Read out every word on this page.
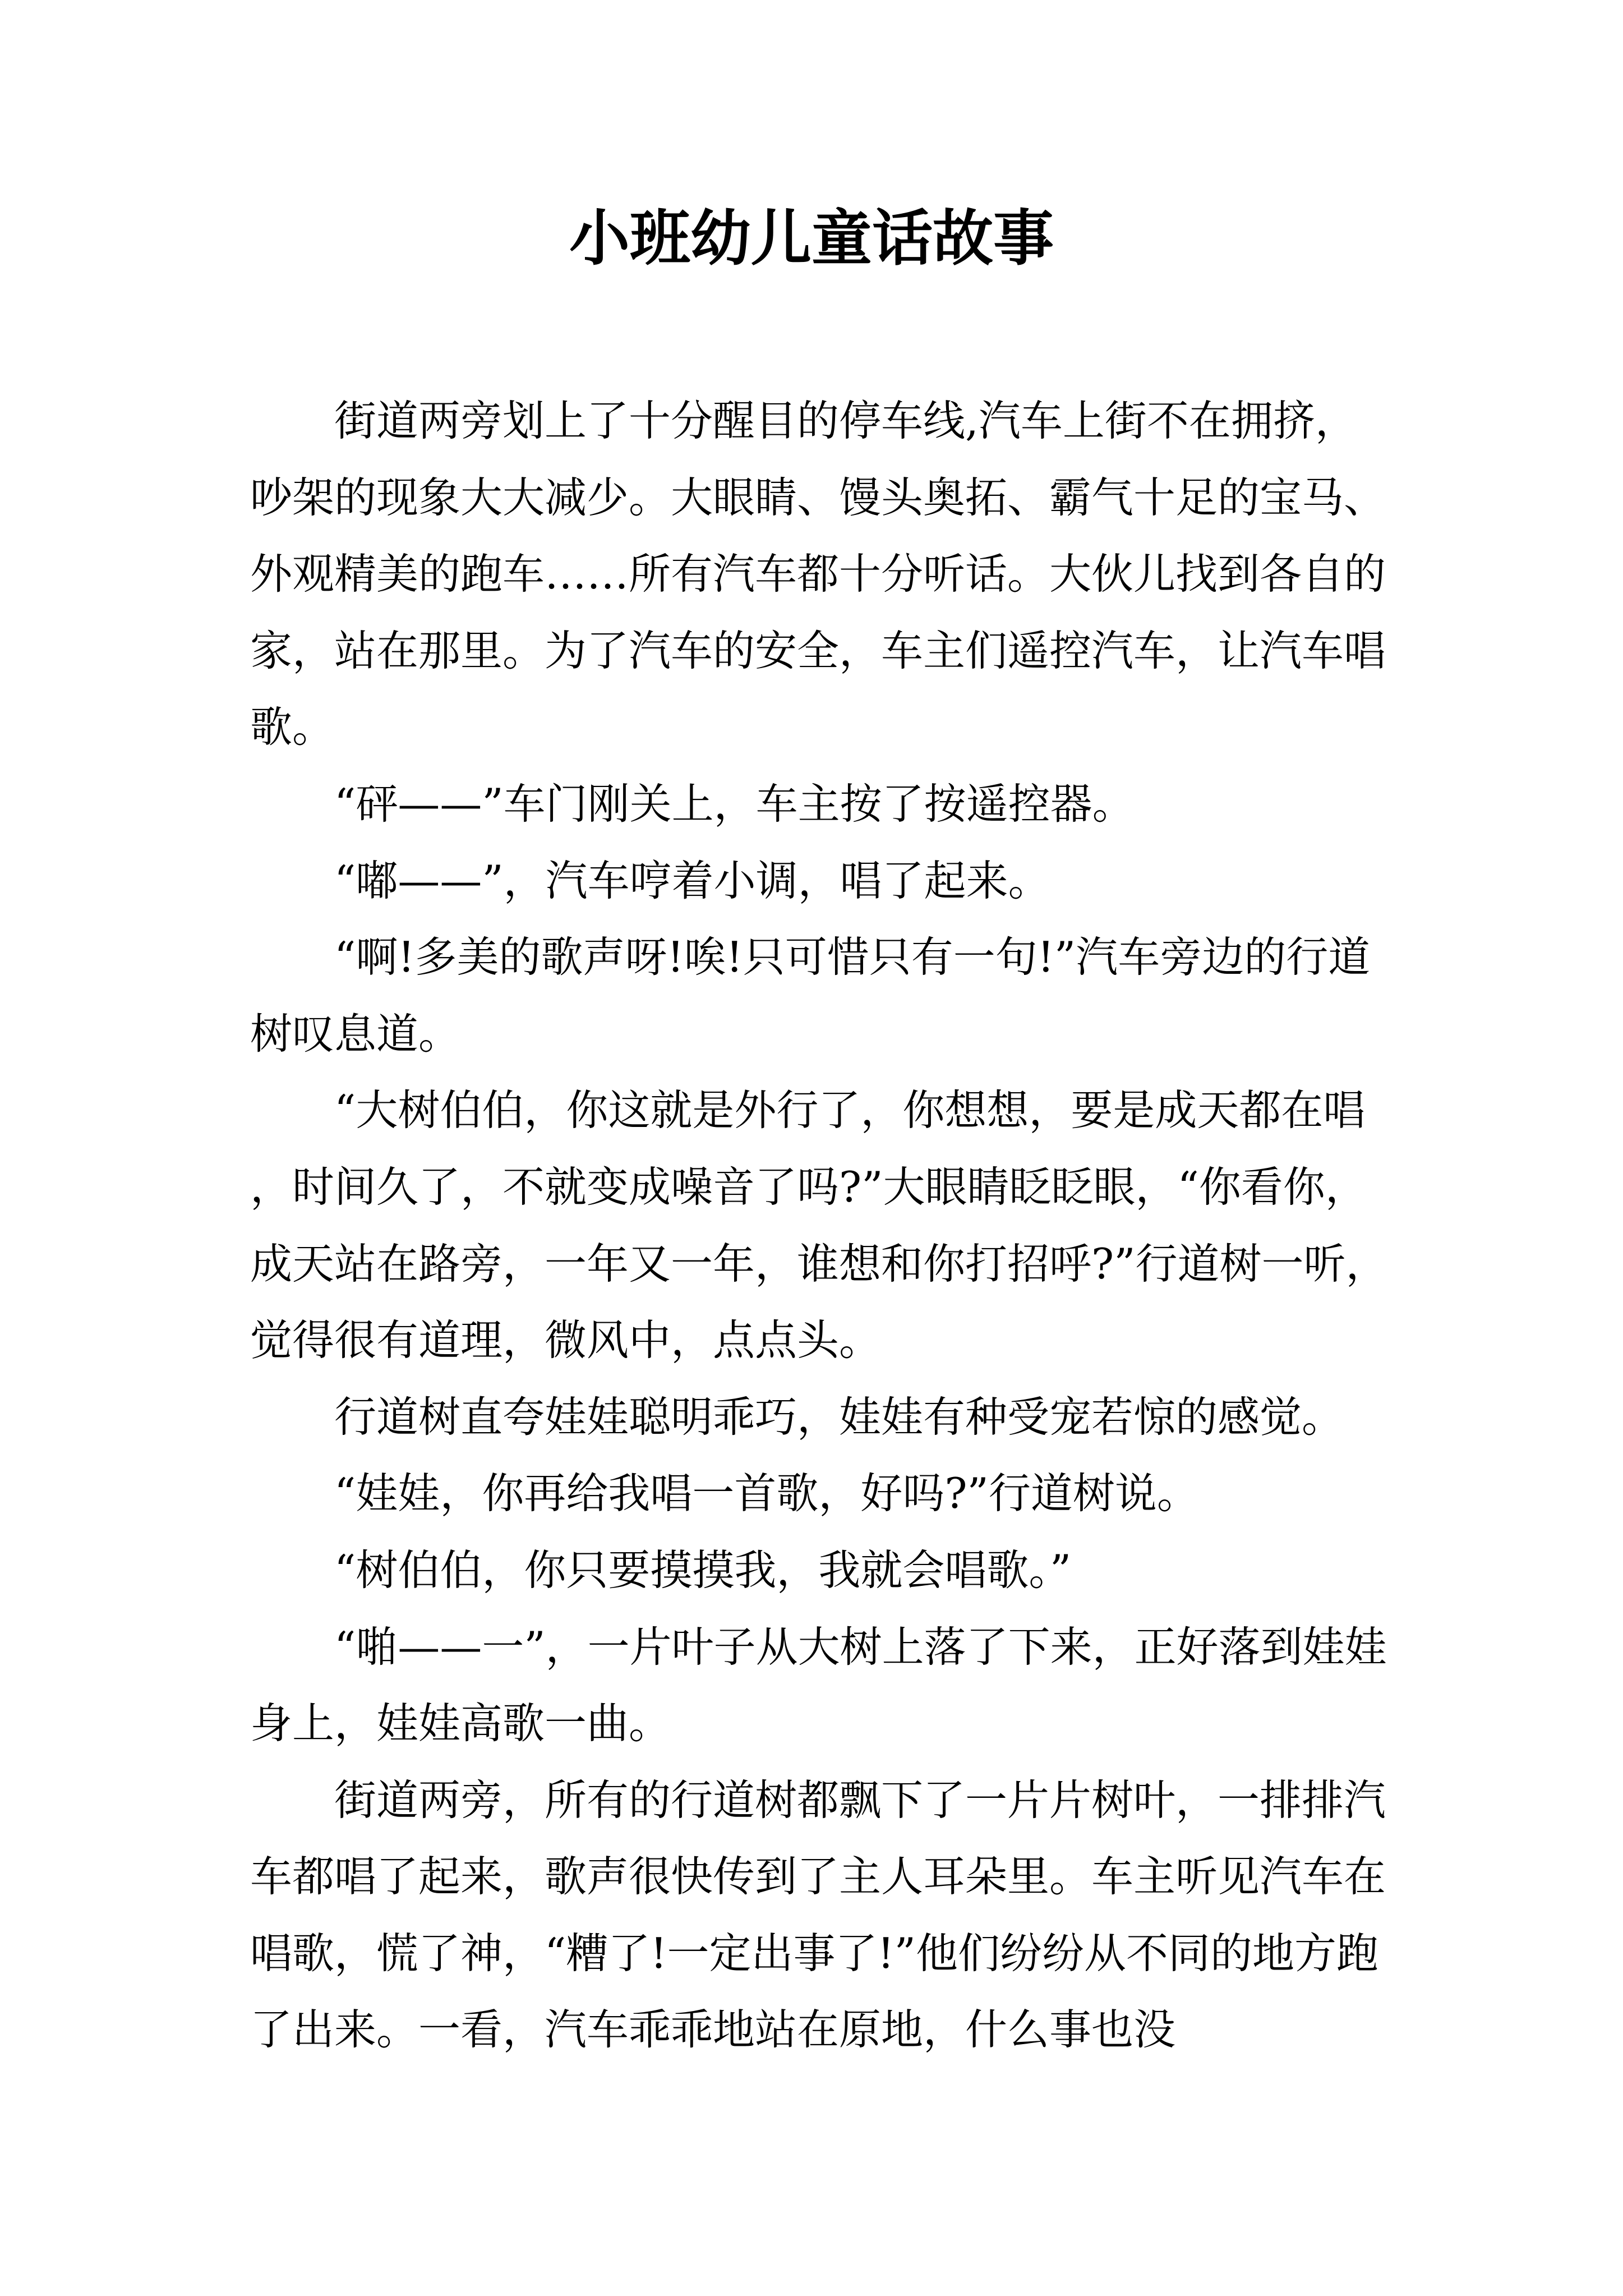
小班幼儿童话故事

街道两旁划上了十分醒目的停车线,汽车上街不在拥挤，吵架的现象大大减少。大眼睛、馒头奥拓、霸气十足的宝马、外观精美的跑车……所有汽车都十分听话。大伙儿找到各自的家，站在那里。为了汽车的安全，车主们遥控汽车，让汽车唱歌。

“砰——”车门刚关上，车主按了按遥控器。

“嘟——”，汽车哼着小调，唱了起来。

“啊!多美的歌声呀!唉!只可惜只有一句!”汽车旁边的行道树叹息道。

“大树伯伯，你这就是外行了，你想想，要是成天都在唱，时间久了，不就变成噪音了吗?”大眼睛眨眨眼，“你看你，成天站在路旁，一年又一年，谁想和你打招呼?”行道树一听，觉得很有道理，微风中，点点头。

行道树直夸娃娃聪明乖巧，娃娃有种受宠若惊的感觉。

“娃娃，你再给我唱一首歌，好吗?”行道树说。

“树伯伯，你只要摸摸我，我就会唱歌。”

“啪——一”，一片叶子从大树上落了下来，正好落到娃娃身上，娃娃高歌一曲。

街道两旁，所有的行道树都飘下了一片片树叶，一排排汽车都唱了起来，歌声很快传到了主人耳朵里。车主听见汽车在唱歌，慌了神，“糟了!一定出事了!”他们纷纷从不同的地方跑了出来。一看，汽车乖乖地站在原地，什么事也没
